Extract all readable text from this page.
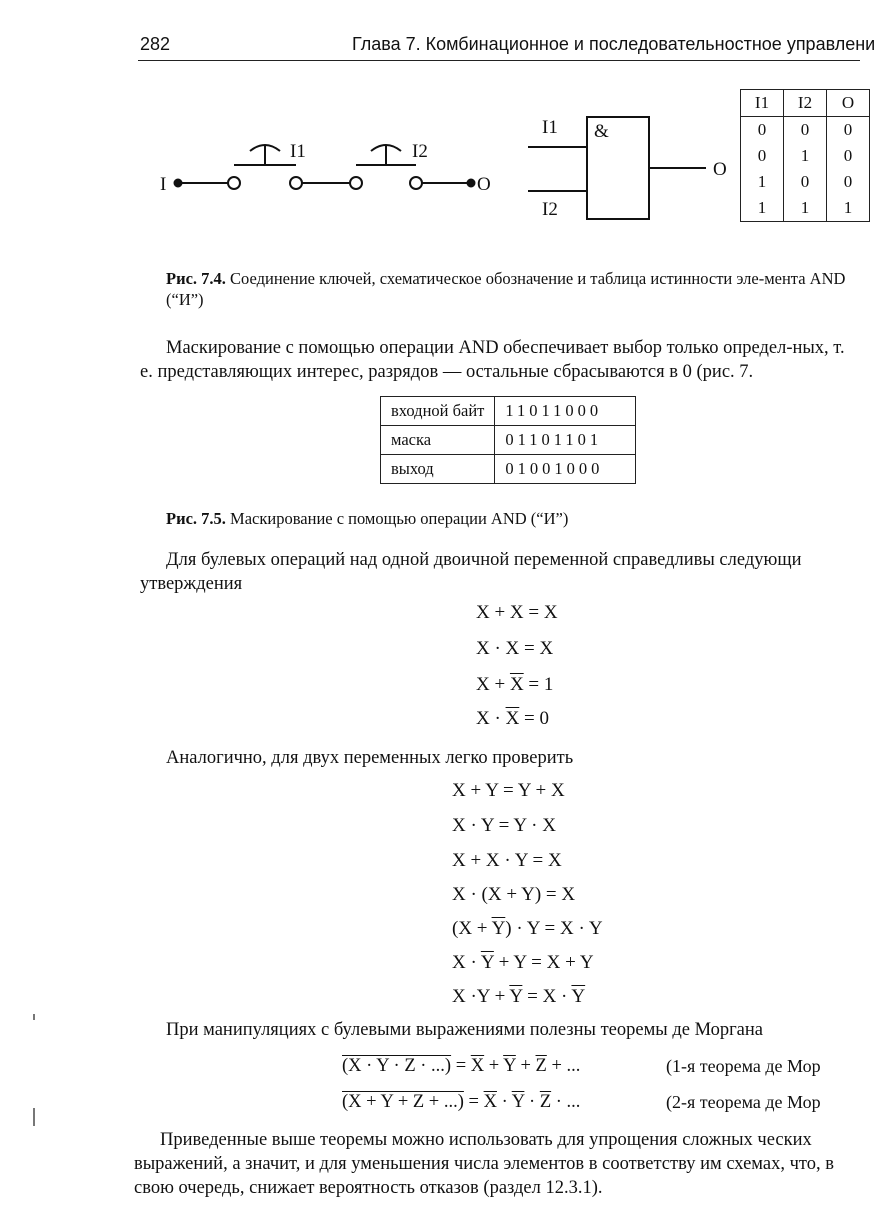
282	Глава 7. Комбинационное и последовательностное управлени
I	O
I1	I2
&
I1
I2
O
I1	I2	O
0	0	0
0	1	0
1	0	0
1	1	1
Рис. 7.4. Соединение ключей, схематическое обозначение и таблица истинности эле-мента AND (“И”)
Маскирование с помощью операции AND обеспечивает выбор только определ-ных, т. е. представляющих интерес, разрядов — остальные сбрасываются в 0 (рис. 7.
входной байт	11011000
маска	01101101
выход	01001000
Рис. 7.5. Маскирование с помощью операции AND (“И”)
Для булевых операций над одной двоичной переменной справедливы следующи утверждения
X + X = X
X · X = X
$X + \overline{X} = 1$
$X \cdot \overline{X} = 0$
Аналогично, для двух переменных легко проверить
X + Y = Y + X
X · Y = Y · X
X + X · Y = X
X · (X + Y) = X
$(X + \overline{Y}) \cdot Y = X \cdot Y$
$X \cdot \overline{Y} + Y = X + Y$
$X \cdot Y + \overline{Y} = X \cdot \overline{Y}$
При манипуляциях с булевыми выражениями полезны теоремы де Моргана
(X · Y · Z · ...) = $\overline{X} + \overline{Y} + \overline{Z}$ + ...	(1-я теорема де Мор
(X + Y + Z + ...) = $\overline{X} \cdot \overline{Y} \cdot \overline{Z}$ · ...	(2-я теорема де Мор
Приведенные выше теоремы можно использовать для упрощения сложных ческих выражений, а значит, и для уменьшения числа элементов в соответству им схемах, что, в свою очередь, снижает вероятность отказов (раздел 12.3.1).
